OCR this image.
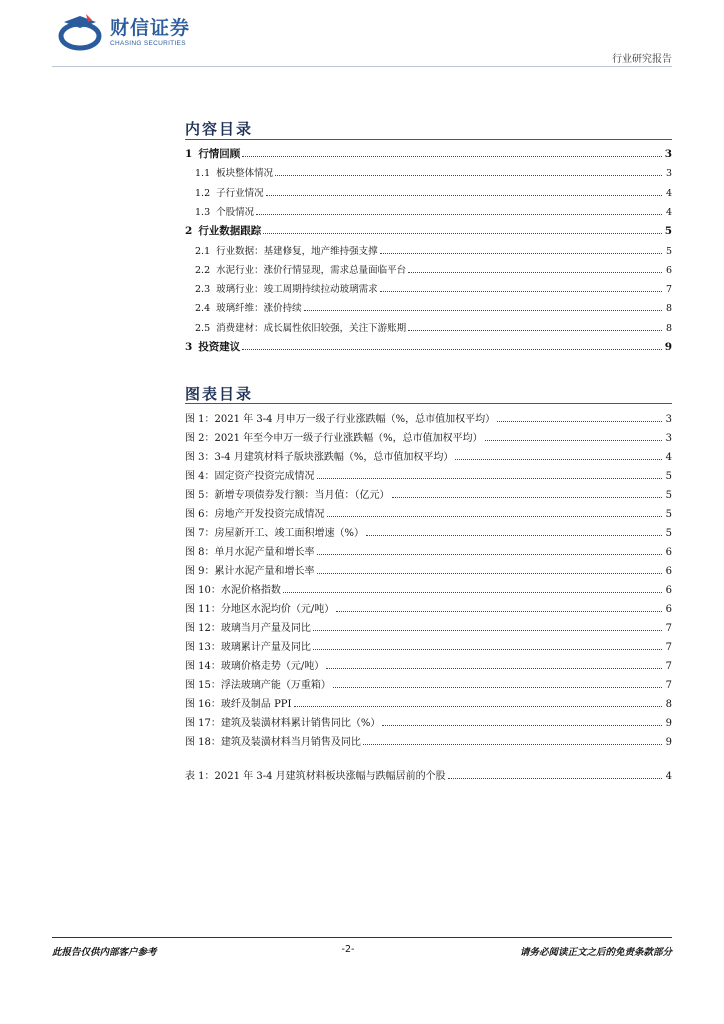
财信证券
CHASING SECURITIES
行业研究报告
内容目录
1 行情回顾	3
1.1 板块整体情况	3
1.2 子行业情况	4
1.3 个股情况	4
2 行业数据跟踪	5
2.1 行业数据：基建修复，地产维持强支撑	5
2.2 水泥行业：涨价行情显现，需求总量面临平台	6
2.3 玻璃行业：竣工周期持续拉动玻璃需求	7
2.4 玻璃纤维：涨价持续	8
2.5 消费建材：成长属性依旧较强，关注下游账期	8
3 投资建议	9
图表目录
图 1：2021 年 3-4 月申万一级子行业涨跌幅（%，总市值加权平均）	3
图 2：2021 年至今申万一级子行业涨跌幅（%，总市值加权平均）	3
图 3：3-4 月建筑材料子版块涨跌幅（%，总市值加权平均）	4
图 4：固定资产投资完成情况	5
图 5：新增专项债券发行额：当月值：（亿元）	5
图 6：房地产开发投资完成情况	5
图 7：房屋新开工、竣工面积增速（%）	5
图 8：单月水泥产量和增长率	6
图 9：累计水泥产量和增长率	6
图 10：水泥价格指数	6
图 11：分地区水泥均价（元/吨）	6
图 12：玻璃当月产量及同比	7
图 13：玻璃累计产量及同比	7
图 14：玻璃价格走势（元/吨）	7
图 15：浮法玻璃产能（万重箱）	7
图 16：玻纤及制品 PPI	8
图 17：建筑及装潢材料累计销售同比（%）	9
图 18：建筑及装潢材料当月销售及同比	9
表 1：2021 年 3-4 月建筑材料板块涨幅与跌幅居前的个股	4
此报告仅供内部客户参考	-2-	请务必阅读正文之后的免责条款部分
